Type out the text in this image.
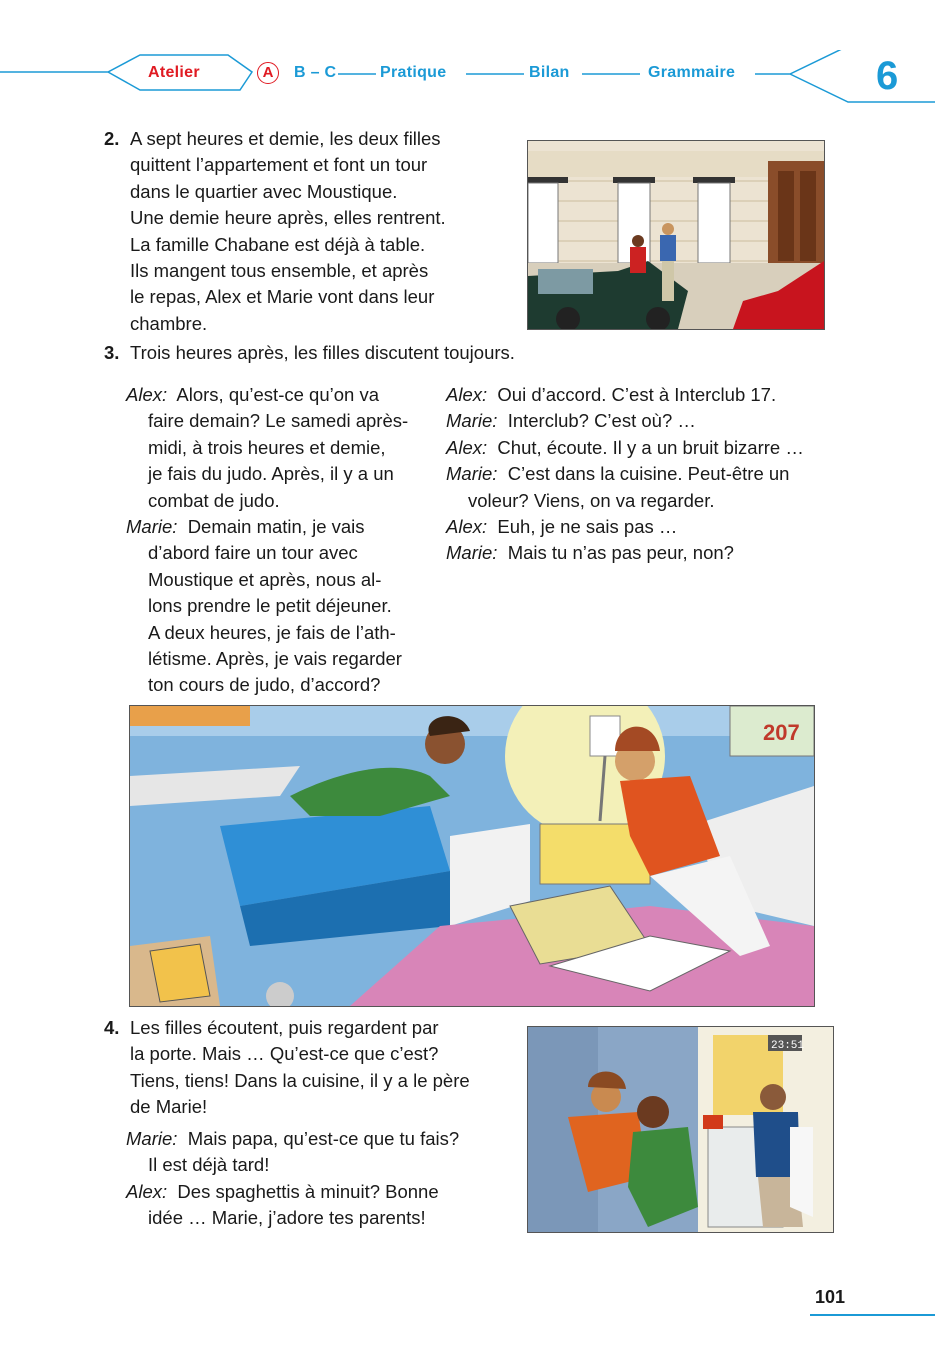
Atelier	A	B – C	Pratique	Bilan	Grammaire	6
2. A sept heures et demie, les deux filles
quittent l’appartement et font un tour
dans le quartier avec Moustique.
Une demie heure après, elles rentrent.
La famille Chabane est déjà à table.
Ils mangent tous ensemble, et après
le repas, Alex et Marie vont dans leur
chambre.
3. Trois heures après, les filles discutent toujours.
Alex: Alors, qu’est-ce qu’on va
faire demain? Le samedi après-
midi, à trois heures et demie,
je fais du judo. Après, il y a un
combat de judo.
Marie: Demain matin, je vais
d’abord faire un tour avec
Moustique et après, nous al-
lons prendre le petit déjeuner.
A deux heures, je fais de l’ath-
létisme. Après, je vais regarder
ton cours de judo, d’accord?
Alex: Oui d’accord. C’est à Interclub 17.
Marie: Interclub? C’est où? …
Alex: Chut, écoute. Il y a un bruit bizarre …
Marie: C’est dans la cuisine. Peut-être un
voleur? Viens, on va regarder.
Alex: Euh, je ne sais pas …
Marie: Mais tu n’as pas peur, non?
207
4. Les filles écoutent, puis regardent par
la porte. Mais … Qu’est-ce que c’est?
Tiens, tiens! Dans la cuisine, il y a le père
de Marie!
Marie: Mais papa, qu’est-ce que tu fais?
Il est déjà tard!
Alex: Des spaghettis à minuit? Bonne
idée … Marie, j’adore tes parents!
23:51
101
